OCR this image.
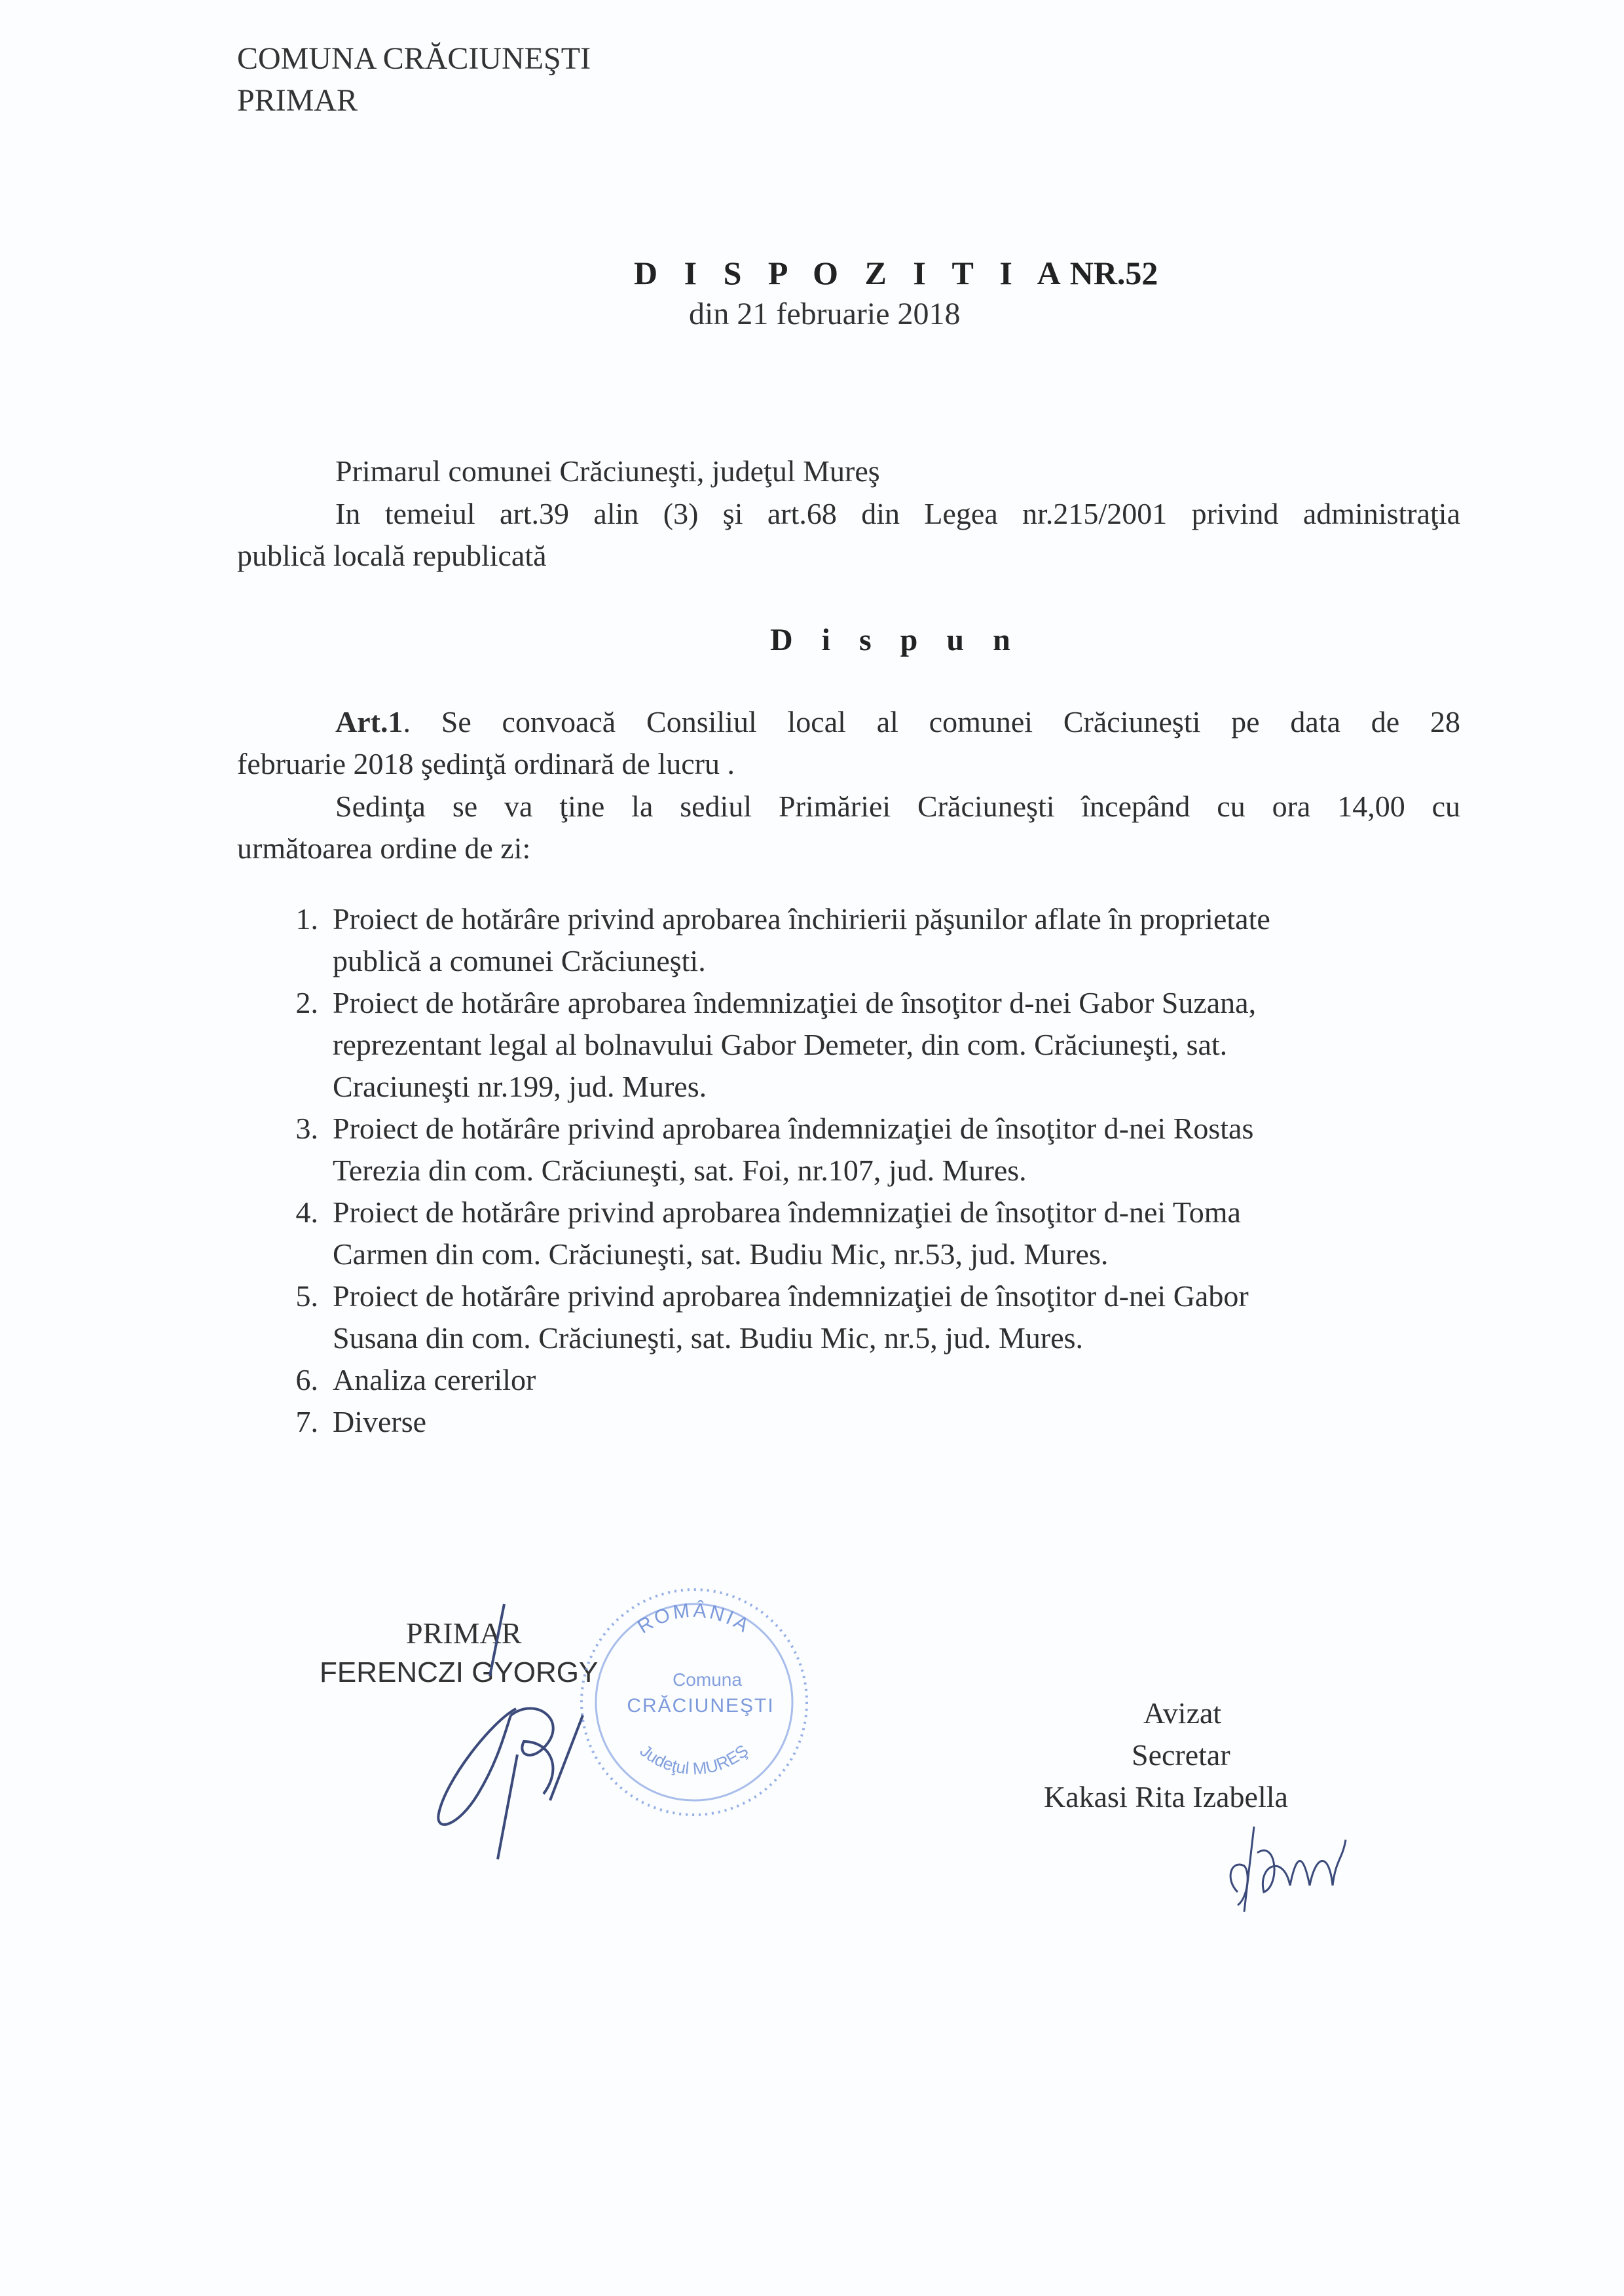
COMUNA CRĂCIUNEŞTI
PRIMAR
D I S P O Z I T I ANR.52
din 21 februarie 2018
Primarul comunei Crăciuneşti, judeţul Mureş
In temeiul art.39 alin (3) şi art.68 din Legea nr.215/2001 privind administraţia
publică locală republicată
D i s p u n
Art.1. Se convoacă Consiliul local al comunei Crăciuneşti pe data de 28
februarie 2018 şedinţă ordinară de lucru .
Sedinţa se va ţine la sediul Primăriei Crăciuneşti începând cu ora 14,00 cu
următoarea ordine de zi:
1. Proiect de hotărâre privind aprobarea închirierii păşunilor aflate în proprietate
publică a comunei Crăciuneşti.
2. Proiect de hotărâre aprobarea îndemnizaţiei de însoţitor d-nei Gabor Suzana,
reprezentant legal al bolnavului Gabor Demeter, din com. Crăciuneşti, sat.
Craciuneşti nr.199, jud. Mures.
3. Proiect de hotărâre privind aprobarea îndemnizaţiei de însoţitor d-nei Rostas
Terezia din com. Crăciuneşti, sat. Foi, nr.107, jud. Mures.
4. Proiect de hotărâre privind aprobarea îndemnizaţiei de însoţitor d-nei Toma
Carmen din com. Crăciuneşti, sat. Budiu Mic, nr.53, jud. Mures.
5. Proiect de hotărâre privind aprobarea îndemnizaţiei de însoţitor d-nei Gabor
Susana din com. Crăciuneşti, sat. Budiu Mic, nr.5, jud. Mures.
6. Analiza cererilor
7. Diverse
PRIMAR
FERENCZI GYORGY
ROMÂNIA
Comuna
CRĂCIUNEŞTI
Judeţul MUREŞ
Avizat
Secretar
Kakasi Rita Izabella
